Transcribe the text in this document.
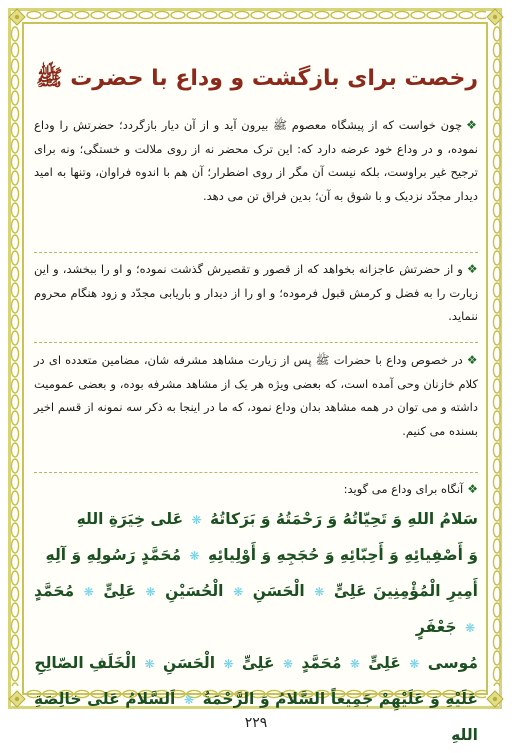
رخصت برای بازگشت و وداع با حضرت ﷺ
❖چون خواست که از پیشگاه معصوم ﷺ بیرون آید و از آن دیار بازگردد؛ حضرتش را وداع نموده، و در وداع خود عرضه دارد که: این ترک محضر نه از روی ملالت و خستگی؛ ونه برای ترجیح غیر براوست، بلکه نیست آن مگر از روی اضطرار؛ آن هم با اندوه فراوان، وتنها به امید دیدار مجدّد نزدیک و با شوق به آن؛ بدین فراق تن می دهد.
❖و از حضرتش عاجزانه بخواهد که از قصور و تقصیرش گذشت نموده؛ و او را ببخشد، و این زیارت را به فضل و کرمش قبول فرموده؛ و او را از دیدار و باریابی مجدّد و زود هنگام محروم ننماید.
❖در خصوص وداع با حضرات ﷺ پس از زیارت مشاهد مشرفه شان، مضامین متعدده ای در کلام خازنان وحی آمده است، که بعضی ویژه هر یک از مشاهد مشرفه بوده، و بعضی عمومیت داشته و می توان در همه مشاهد بدان وداع نمود، که ما در اینجا به ذکر سه نمونه از قسم اخیر بسنده می کنیم.
❖آنگاه برای وداع می گوید:
سَلامُ اللهِ وَ تَحِیّاتُهُ وَ رَحْمَتُهُ وَ بَرَکاتُهُ ❋ عَلى خِیَرَةِ اللهِ
وَ أَصْفِیائِهِ وَ أَحِبّائِهِ وَ حُجَجِهِ وَ أَوْلِیائِهِ ❋ مُحَمَّدٍ رَسُولِهِ وَ آلِهِ
أَمِیرِ الْمُؤْمِنِینَ عَلِیٍّ ❋ الْحَسَنِ ❋ الْحُسَیْنِ ❋ عَلِیٍّ ❋ مُحَمَّدٍ ❋ جَعْفَرٍ
مُوسى ❋ عَلِیٍّ ❋ مُحَمَّدٍ ❋ عَلِیٍّ ❋ الْحَسَنِ ❋ الْخَلَفِ الصّالِحِ
عَلَیْهِ وَ عَلَیْهِمْ جَمِیعاً السَّلامُ وَ الرَّحْمَةُ ❋ اَلسَّلامُ عَلى خالِصَةِ اللهِ
۲۲۹
